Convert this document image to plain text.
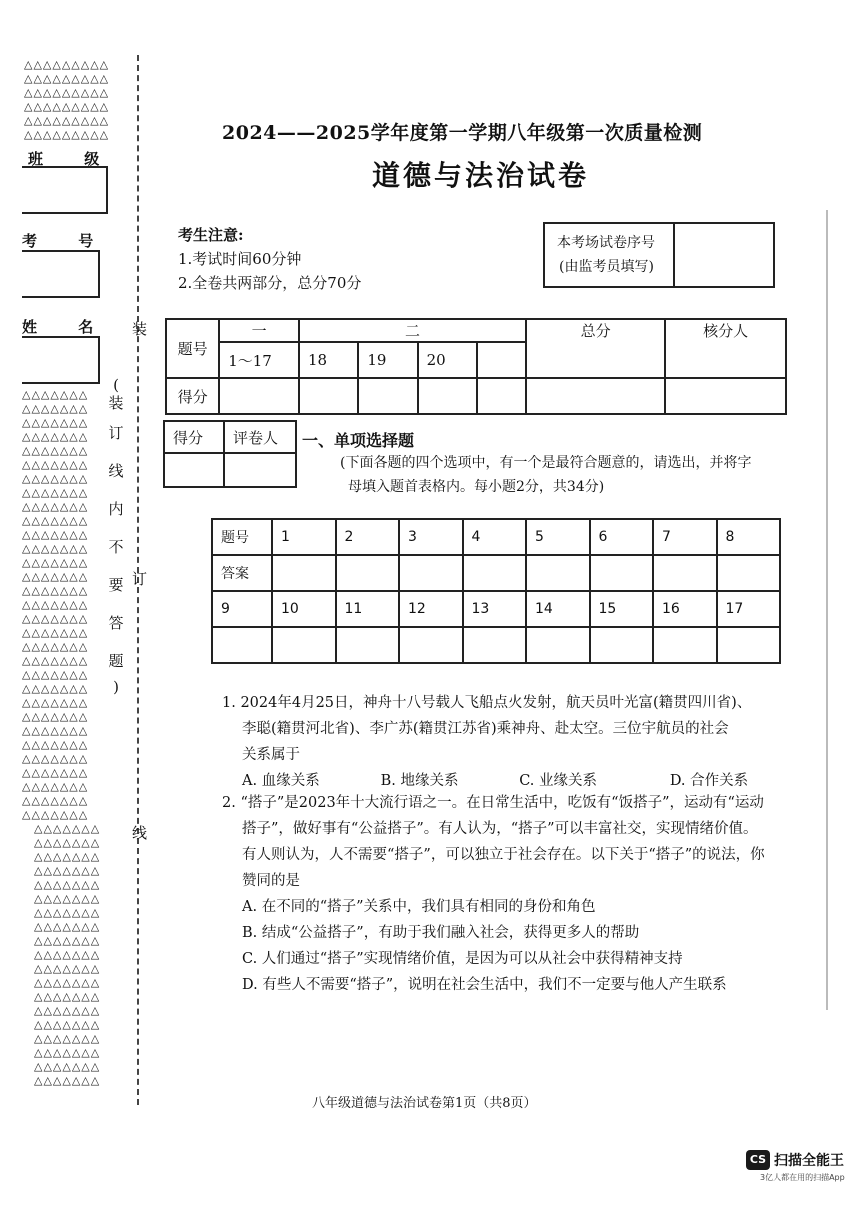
△△△△△△△△△
△△△△△△△△△
△△△△△△△△△
△△△△△△△△△
△△△△△△△△△
△△△△△△△△△
班 级
考 号
姓 名
△△△△△△△
△△△△△△△
△△△△△△△
△△△△△△△
△△△△△△△
△△△△△△△
△△△△△△△
△△△△△△△
△△△△△△△
△△△△△△△
△△△△△△△
△△△△△△△
△△△△△△△
△△△△△△△
△△△△△△△
△△△△△△△
△△△△△△△
△△△△△△△
△△△△△△△
△△△△△△△
△△△△△△△
△△△△△△△
△△△△△△△
△△△△△△△
△△△△△△△
△△△△△△△
△△△△△△△
△△△△△△△
△△△△△△△
△△△△△△△
△△△△△△△
△△△△△△△
△△△△△△△
△△△△△△△
△△△△△△△
△△△△△△△
△△△△△△△
△△△△△△△
△△△△△△△
△△△△△△△
△△△△△△△
△△△△△△△
△△△△△△△
△△△△△△△
△△△△△△△
△△△△△△△
△△△△△△△
△△△△△△△
△△△△△△△
△△△△△△△
(
装
订
线
内
不
要
答
题
)
装
订
线
2024——2025学年度第一学期八年级第一次质量检测
道德与法治试卷
考生注意:
1.考试时间60分钟
2.全卷共两部分，总分70分
本考场试卷序号
(由监考员填写)
题号	一	二				总分	核分人
	1～17	18	19	20			
得分							
得分	评卷人
	一、单项选择题
(下面各题的四个选项中，有一个是最符合题意的，请选出，并将字
母填入题首表格内。每小题2分，共34分)
题号	1	2	3	4	5	6	7	8
答案								
9	10	11	12	13	14	15	16	17

1. 2024年4月25日，神舟十八号载人飞船点火发射，航天员叶光富(籍贯四川省)、
李聪(籍贯河北省)、李广苏(籍贯江苏省)乘神舟、赴太空。三位宇航员的社会
关系属于
A. 血缘关系	B. 地缘关系	C. 业缘关系	D. 合作关系
2. “搭子”是2023年十大流行语之一。在日常生活中，吃饭有“饭搭子”，运动有“运动
搭子”，做好事有“公益搭子”。有人认为，“搭子”可以丰富社交，实现情绪价值。
有人则认为，人不需要“搭子”，可以独立于社会存在。以下关于“搭子”的说法，你
赞同的是
A. 在不同的“搭子”关系中，我们具有相同的身份和角色
B. 结成“公益搭子”，有助于我们融入社会，获得更多人的帮助
C. 人们通过“搭子”实现情绪价值，是因为可以从社会中获得精神支持
D. 有些人不需要“搭子”，说明在社会生活中，我们不一定要与他人产生联系
八年级道德与法治试卷第1页（共8页）
CS 扫描全能王
3亿人都在用的扫描App
